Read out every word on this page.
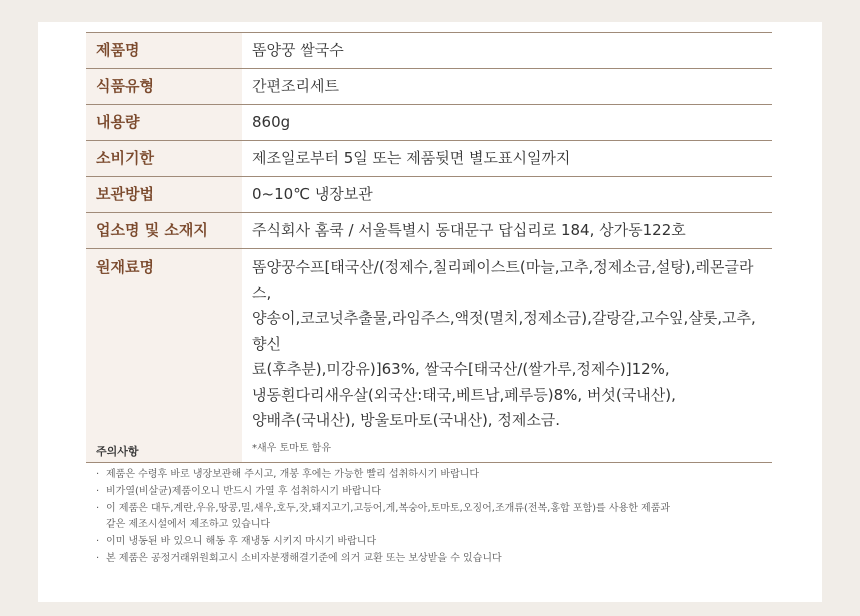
제품명	똠양꿍 쌀국수
식품유형	간편조리세트
내용량	860g
소비기한	제조일로부터 5일 또는 제품뒷면 별도표시일까지
보관방법	0~10℃ 냉장보관
업소명 및 소재지	주식회사 홈쿡 / 서울특별시 동대문구 답십리로 184, 상가동122호
원재료명	똠양꿍수프[태국산/(정제수,칠리페이스트(마늘,고추,정제소금,설탕),레몬글라스,
양송이,코코넛추출물,라임주스,액젓(멸치,정제소금),갈랑갈,고수잎,샬롯,고추,향신
료(후추분),미강유)]63%, 쌀국수[태국산/(쌀가루,정제수)]12%,
냉동흰다리새우살(외국산:태국,베트남,페루등)8%, 버섯(국내산),
양배추(국내산), 방울토마토(국내산), 정제소금.
*새우 토마토 함유
주의사항
· 제품은 수령후 바로 냉장보관해 주시고, 개봉 후에는 가능한 빨리 섭취하시기 바랍니다
· 비가열(비살균)제품이오니 반드시 가열 후 섭취하시기 바랍니다
· 이 제품은 대두,계란,우유,땅콩,밀,새우,호두,잣,돼지고기,고등어,게,복숭아,토마토,오징어,조개류(전복,홍합 포함)를 사용한 제품과
같은 제조시설에서 제조하고 있습니다
· 이미 냉동된 바 있으니 해동 후 재냉동 시키지 마시기 바랍니다
· 본 제품은 공정거래위원회고시 소비자분쟁해결기준에 의거 교환 또는 보상받을 수 있습니다
